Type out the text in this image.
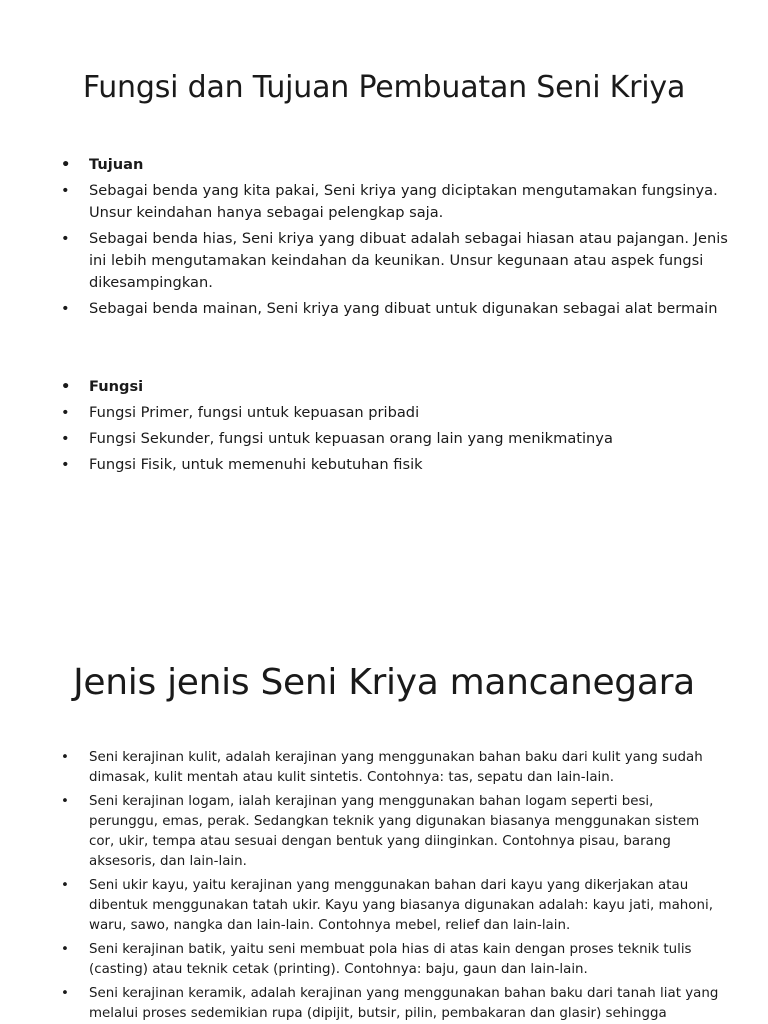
Fungsi dan Tujuan Pembuatan Seni Kriya
• Tujuan
• Sebagai benda yang kita pakai, Seni kriya yang diciptakan mengutamakan fungsinya. Unsur keindahan hanya sebagai pelengkap saja.
• Sebagai benda hias, Seni kriya yang dibuat adalah sebagai hiasan atau pajangan. Jenis ini lebih mengutamakan keindahan da keunikan. Unsur kegunaan atau aspek fungsi dikesampingkan.
• Sebagai benda mainan, Seni kriya yang dibuat untuk digunakan sebagai alat bermain
• Fungsi
• Fungsi Primer, fungsi untuk kepuasan pribadi
• Fungsi Sekunder, fungsi untuk kepuasan orang lain yang menikmatinya
• Fungsi Fisik, untuk memenuhi kebutuhan fisik
Jenis jenis Seni Kriya mancanegara
• Seni kerajinan kulit, adalah kerajinan yang menggunakan bahan baku dari kulit yang sudah dimasak, kulit mentah atau kulit sintetis. Contohnya: tas, sepatu dan lain-lain.
• Seni kerajinan logam, ialah kerajinan yang menggunakan bahan logam seperti besi, perunggu, emas, perak. Sedangkan teknik yang digunakan biasanya menggunakan sistem cor, ukir, tempa atau sesuai dengan bentuk yang diinginkan. Contohnya pisau, barang aksesoris, dan lain-lain.
• Seni ukir kayu, yaitu kerajinan yang menggunakan bahan dari kayu yang dikerjakan atau dibentuk menggunakan tatah ukir. Kayu yang biasanya digunakan adalah: kayu jati, mahoni, waru, sawo, nangka dan lain-lain. Contohnya mebel, relief dan lain-lain.
• Seni kerajinan batik, yaitu seni membuat pola hias di atas kain dengan proses teknik tulis (casting) atau teknik cetak (printing). Contohnya: baju, gaun dan lain-lain.
• Seni kerajinan keramik, adalah kerajinan yang menggunakan bahan baku dari tanah liat yang melalui proses sedemikian rupa (dipijit, butsir, pilin, pembakaran dan glasir) sehingga
